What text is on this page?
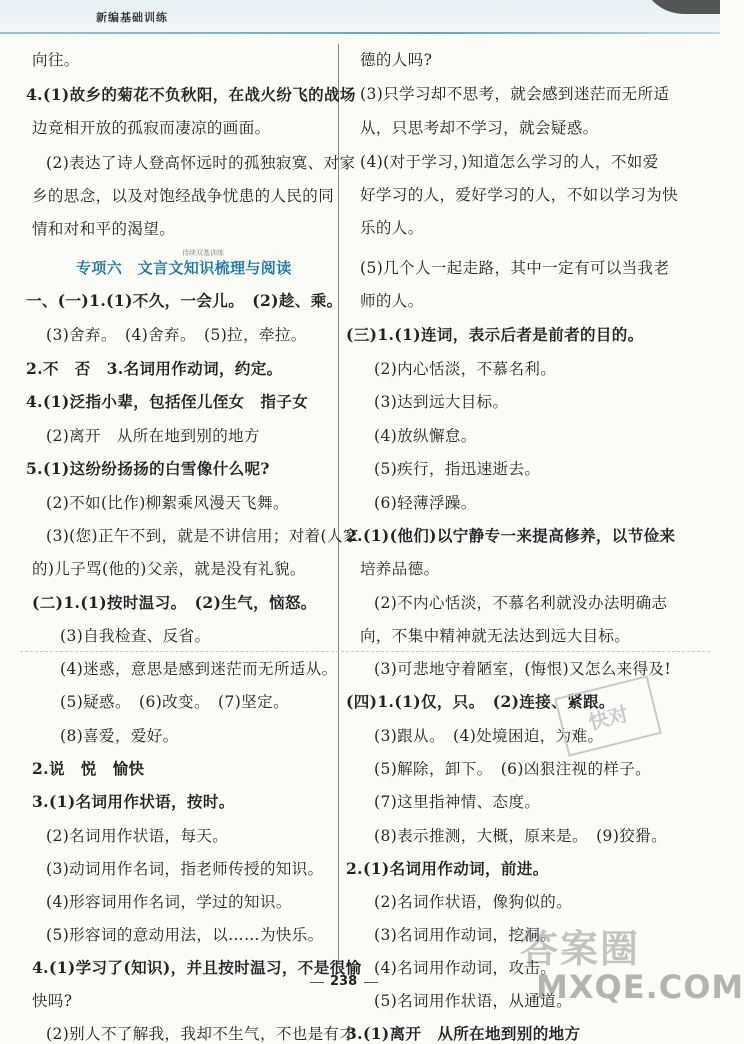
新编基础训练
向往。
4.(1)故乡的菊花不负秋阳，在战火纷飞的战场
边竞相开放的孤寂而凄凉的画面。
(2)表达了诗人登高怀远时的孤独寂寞、对家
乡的思念，以及对饱经战争忧患的人民的同
情和对和平的渴望。
待续双基训练
专项六　文言文知识梳理与阅读
一、(一)1.(1)不久，一会儿。　(2)趁、乘。
(3)舍弃。　(4)舍弃。　(5)拉，牵拉。
2.不　否　3.名词用作动词，约定。
4.(1)泛指小辈，包括侄儿侄女　指子女
(2)离开　从所在地到别的地方
5.(1)这纷纷扬扬的白雪像什么呢?
(2)不如(比作)柳絮乘风漫天飞舞。
(3)(您)正午不到，就是不讲信用；对着(人家
的)儿子骂(他的)父亲，就是没有礼貌。
(二)1.(1)按时温习。　(2)生气，恼怒。
(3)自我检查、反省。
(4)迷惑，意思是感到迷茫而无所适从。
(5)疑惑。　(6)改变。　(7)坚定。
(8)喜爱，爱好。
2.说　悦　愉快
3.(1)名词用作状语，按时。
(2)名词用作状语，每天。
(3)动词用作名词，指老师传授的知识。
(4)形容词用作名词，学过的知识。
(5)形容词的意动用法，以……为快乐。
4.(1)学习了(知识)，并且按时温习，不是很愉
快吗?
(2)别人不了解我，我却不生气，不也是有才
德的人吗?
(3)只学习却不思考，就会感到迷茫而无所适
从，只思考却不学习，就会疑惑。
(4)(对于学习，)知道怎么学习的人，不如爱
好学习的人，爱好学习的人，不如以学习为快
乐的人。
(5)几个人一起走路，其中一定有可以当我老
师的人。
(三)1.(1)连词，表示后者是前者的目的。
(2)内心恬淡，不慕名利。
(3)达到远大目标。
(4)放纵懈怠。
(5)疾行，指迅速逝去。
(6)轻薄浮躁。
2.(1)(他们)以宁静专一来提高修养，以节俭来
培养品德。
(2)不内心恬淡，不慕名利就没办法明确志
向，不集中精神就无法达到远大目标。
(3)可悲地守着陋室，(悔恨)又怎么来得及!
(四)1.(1)仅，只。　(2)连接、紧跟。
(3)跟从。　(4)处境困迫，为难。
(5)解除，卸下。　(6)凶狠注视的样子。
(7)这里指神情、态度。
(8)表示推测，大概，原来是。　(9)狡猾。
2.(1)名词用作动词，前进。
(2)名词作状语，像狗似的。
(3)名词用作动词，挖洞。
(4)名词用作动词，攻击。
(5)名词用作状语，从通道。
3.(1)离开　从所在地到别的地方
快对
答案圈
MXQE.COM
238
